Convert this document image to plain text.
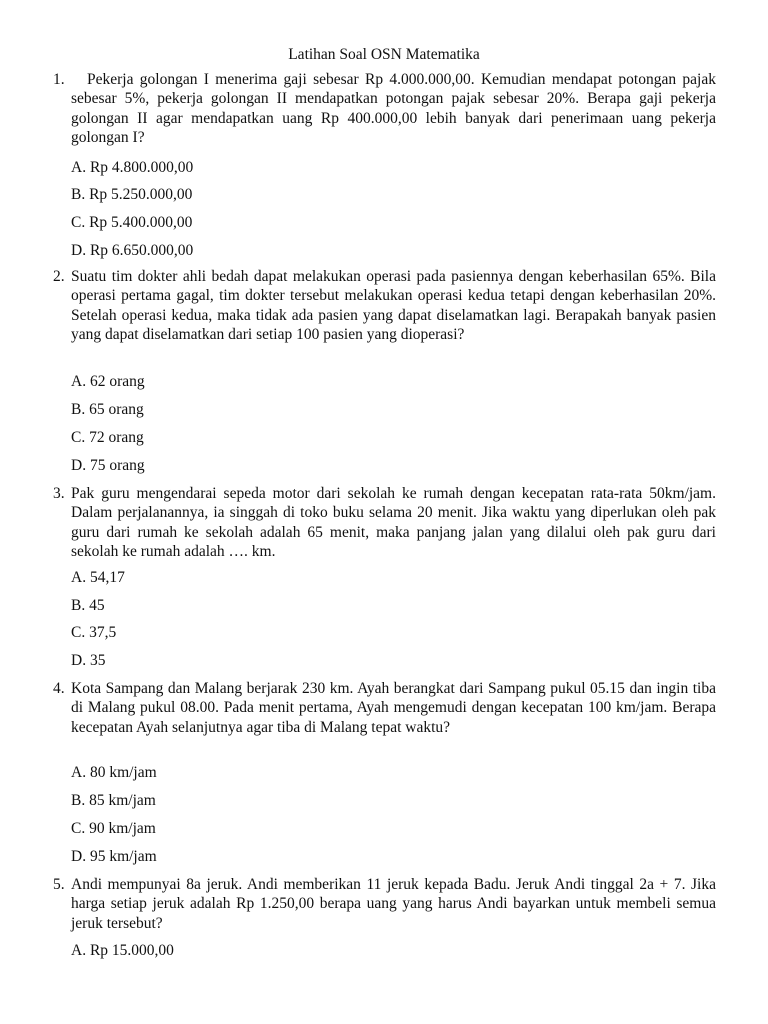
Latihan Soal OSN Matematika
1.	Pekerja golongan I menerima gaji sebesar Rp 4.000.000,00. Kemudian mendapat potongan pajak sebesar 5%, pekerja golongan II mendapatkan potongan pajak sebesar 20%. Berapa gaji pekerja golongan II agar mendapatkan uang Rp 400.000,00 lebih banyak dari penerimaan uang pekerja golongan I?
A. Rp 4.800.000,00
B. Rp 5.250.000,00
C. Rp 5.400.000,00
D. Rp 6.650.000,00
2. Suatu tim dokter ahli bedah dapat melakukan operasi pada pasiennya dengan keberhasilan 65%. Bila operasi pertama gagal, tim dokter tersebut melakukan operasi kedua tetapi dengan keberhasilan 20%. Setelah operasi kedua, maka tidak ada pasien yang dapat diselamatkan lagi. Berapakah banyak pasien yang dapat diselamatkan dari setiap 100 pasien yang dioperasi?
A. 62 orang
B. 65 orang
C. 72 orang
D. 75 orang
3. Pak guru mengendarai sepeda motor dari sekolah ke rumah dengan kecepatan rata-rata 50km/jam. Dalam perjalanannya, ia singgah di toko buku selama 20 menit. Jika waktu yang diperlukan oleh pak guru dari rumah ke sekolah adalah 65 menit, maka panjang jalan yang dilalui oleh pak guru dari sekolah ke rumah adalah …. km.
A. 54,17
B. 45
C. 37,5
D. 35
4. Kota Sampang dan Malang berjarak 230 km. Ayah berangkat dari Sampang pukul 05.15 dan ingin tiba di Malang pukul 08.00. Pada menit pertama, Ayah mengemudi dengan kecepatan 100 km/jam. Berapa kecepatan Ayah selanjutnya agar tiba di Malang tepat waktu?
A. 80 km/jam
B. 85 km/jam
C. 90 km/jam
D. 95 km/jam
5. Andi mempunyai 8a jeruk. Andi memberikan 11 jeruk kepada Badu. Jeruk Andi tinggal 2a + 7. Jika harga setiap jeruk adalah Rp 1.250,00 berapa uang yang harus Andi bayarkan untuk membeli semua jeruk tersebut?
A. Rp 15.000,00
